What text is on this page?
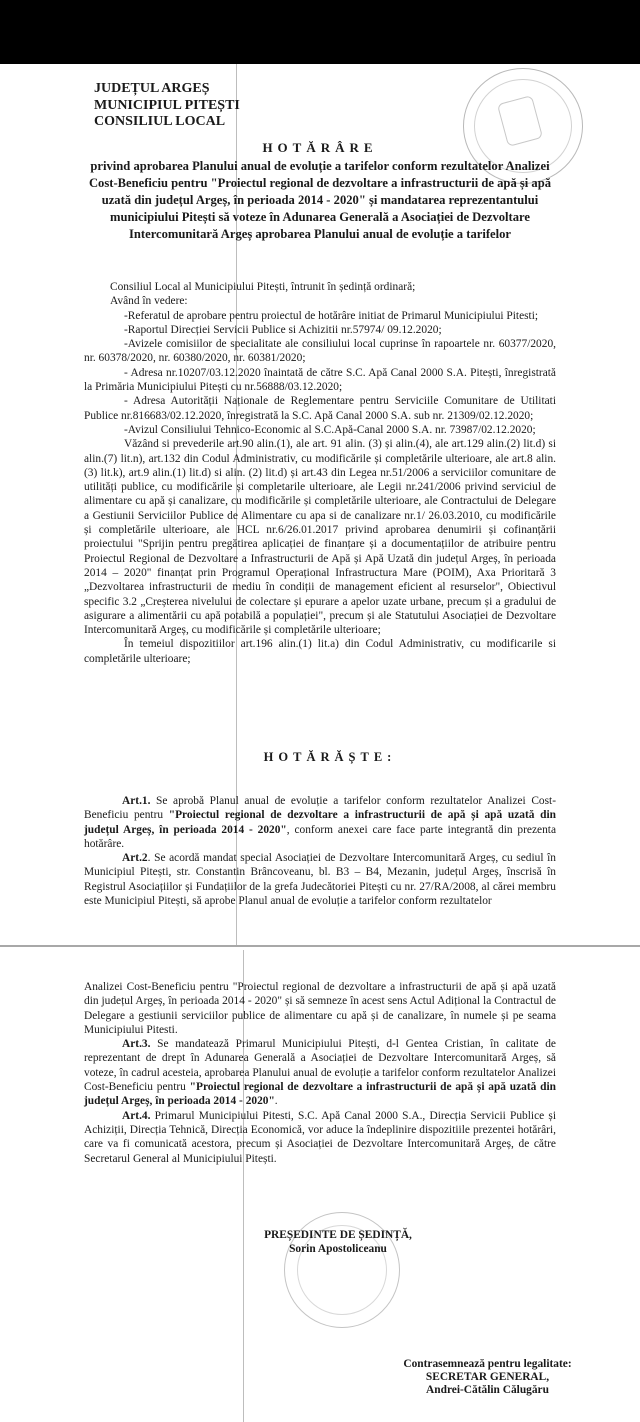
JUDEȚUL ARGEȘ
MUNICIPIUL PITEȘTI
CONSILIUL LOCAL
HOTĂRÂRE
privind aprobarea Planului anual de evoluție a tarifelor conform rezultatelor Analizei Cost-Beneficiu pentru "Proiectul regional de dezvoltare a infrastructurii de apă și apă uzată din județul Argeș, în perioada 2014 - 2020" și mandatarea reprezentantului municipiului Pitești să voteze în Adunarea Generală a Asociației de Dezvoltare Intercomunitară Argeș aprobarea Planului anual de evoluție a tarifelor

Consiliul Local al Municipiului Pitești, întrunit în ședință ordinară;

Având în vedere:

-Referatul de aprobare pentru proiectul de hotărâre initiat de Primarul Municipiului Pitesti;

-Raportul Direcției Servicii Publice si Achizitii nr.57974/ 09.12.2020;

-Avizele comisiilor de specialitate ale consiliului local cuprinse în rapoartele nr. 60377/2020, nr. 60378/2020, nr. 60380/2020, nr. 60381/2020;

- Adresa nr.10207/03.12.2020 înaintată de către S.C. Apă Canal 2000 S.A. Pitești, înregistrată la Primăria Municipiului Pitești cu nr.56888/03.12.2020;

- Adresa Autorității Naționale de Reglementare pentru Serviciile Comunitare de Utilitati Publice nr.816683/02.12.2020, înregistrată la S.C. Apă Canal 2000 S.A. sub nr. 21309/02.12.2020;

-Avizul Consiliului Tehnico-Economic al S.C.Apă-Canal 2000 S.A. nr. 73987/02.12.2020;

Văzând si prevederile art.90 alin.(1), ale art. 91 alin. (3) și alin.(4), ale art.129 alin.(2) lit.d) si alin.(7) lit.n), art.132 din Codul Administrativ, cu modificările și completările ulterioare, ale art.8 alin.(3) lit.k), art.9 alin.(1) lit.d) si alin. (2) lit.d) și art.43 din Legea nr.51/2006 a serviciilor comunitare de utilități publice, cu modificările și completarile ulterioare, ale Legii nr.241/2006 privind serviciul de alimentare cu apă și canalizare, cu modificările și completările ulterioare, ale Contractului de Delegare a Gestiunii Serviciilor Publice de Alimentare cu apa si de canalizare nr.1/ 26.03.2010, cu modificările și completările ulterioare, ale HCL nr.6/26.01.2017 privind aprobarea denumirii și cofinanțării proiectului "Sprijin pentru pregătirea aplicației de finanțare și a documentațiilor de atribuire pentru Proiectul Regional de Dezvoltare a Infrastructurii de Apă și Apă Uzată din județul Argeș, în perioada 2014 – 2020" finanțat prin Programul Operațional Infrastructura Mare (POIM), Axa Prioritară 3 „Dezvoltarea infrastructurii de mediu în condiții de management eficient al resurselor", Obiectivul specific 3.2 „Creșterea nivelului de colectare și epurare a apelor uzate urbane, precum și a gradului de asigurare a alimentării cu apă potabilă a populației", precum și ale Statutului Asociației de Dezvoltare Intercomunitară Argeș, cu modificările și completările ulterioare;

În temeiul dispozitiilor art.196 alin.(1) lit.a) din Codul Administrativ, cu modificarile si completările ulterioare;

HOTĂRĂȘTE:

Art.1. Se aprobă Planul anual de evoluție a tarifelor conform rezultatelor Analizei Cost-Beneficiu pentru "Proiectul regional de dezvoltare a infrastructurii de apă și apă uzată din județul Argeș, în perioada 2014 - 2020", conform anexei care face parte integrantă din prezenta hotărâre.

Art.2. Se acordă mandat special Asociației de Dezvoltare Intercomunitară Argeș, cu sediul în Municipiul Pitești, str. Constantin Brâncoveanu, bl. B3 – B4, Mezanin, județul Argeș, înscrisă în Registrul Asociațiilor și Fundațiilor de la grefa Judecătoriei Pitești cu nr. 27/RA/2008, al cărei membru este Municipiul Pitești, să aprobe Planul anual de evoluție a tarifelor conform rezultatelor

Analizei Cost-Beneficiu pentru "Proiectul regional de dezvoltare a infrastructurii de apă și apă uzată din județul Argeș, în perioada 2014 - 2020" și să semneze în acest sens Actul Adițional la Contractul de Delegare a gestiunii serviciilor publice de alimentare cu apă și de canalizare, în numele și pe seama Municipiului Pitesti.

Art.3. Se mandatează Primarul Municipiului Pitești, d-l Gentea Cristian, în calitate de reprezentant de drept în Adunarea Generală a Asociației de Dezvoltare Intercomunitară Argeș, să voteze, în cadrul acesteia, aprobarea Planului anual de evoluție a tarifelor conform rezultatelor Analizei Cost-Beneficiu pentru "Proiectul regional de dezvoltare a infrastructurii de apă și apă uzată din județul Argeș, în perioada 2014 - 2020".

Art.4. Primarul Municipiului Pitesti, S.C. Apă Canal 2000 S.A., Direcția Servicii Publice și Achiziții, Direcția Tehnică, Direcția Economică, vor aduce la îndeplinire dispozitiile prezentei hotărâri, care va fi comunicată acestora, precum și Asociației de Dezvoltare Intercomunitară Argeș, de către Secretarul General al Municipiului Pitești.

PREȘEDINTE DE ȘEDINȚĂ,
Sorin Apostoliceanu
Contrasemnează pentru legalitate:
SECRETAR GENERAL,
Andrei-Cătălin Călugăru
